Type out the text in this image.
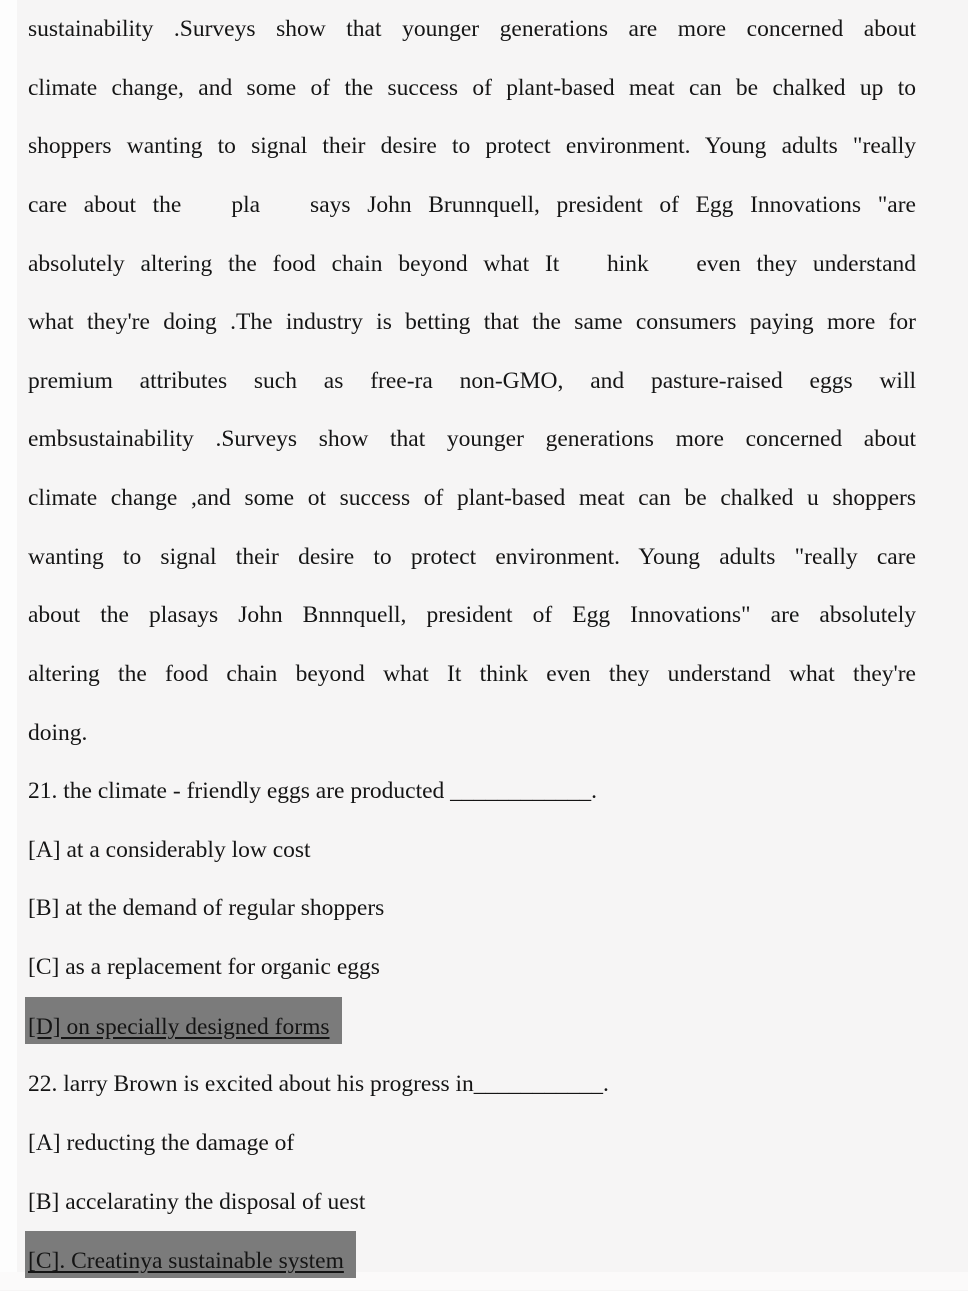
sustainability .Surveys show that younger generations are more concerned about
climate change, and some of the success of plant-based meat can be chalked up to
shoppers wanting to signal their desire to protect environment. Young adults "really
care about the   pla   says John Brunnquell, president of Egg Innovations "are
absolutely altering the food chain beyond what It   hink   even they understand
what they're doing .The industry is betting that the same consumers paying more for
premium attributes such as free-ra non-GMO, and pasture-raised eggs will
embsustainability .Surveys show that younger generations more concerned about
climate change ,and some ot success of plant-based meat can be chalked u shoppers
wanting to signal their desire to protect environment. Young adults "really care
about the plasays John Bnnnquell, president of Egg Innovations" are absolutely
altering the food chain beyond what It think even they understand what they're
doing.
21. the climate - friendly eggs are producted ____________.
[A] at a considerably low cost
[B] at the demand of regular shoppers
[C] as a replacement for organic eggs
[D] on specially designed forms
22. larry Brown is excited about his progress in___________.
[A] reducting the damage of
[B] accelaratiny the disposal of uest
[C]. Creatinya sustainable system
